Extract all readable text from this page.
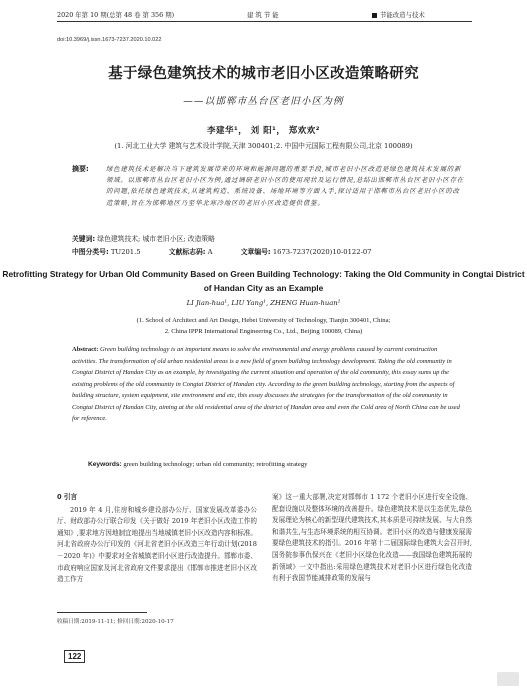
2020 年第 10 期(总第 48 卷 第 356 期)	建 筑 节 能	节能改造与技术
doi:10.3969/j.issn.1673-7237.2020.10.022
基于绿色建筑技术的城市老旧小区改造策略研究
——以邯郸市丛台区老旧小区为例
李建华¹， 刘 阳¹， 郑欢欢²
(1. 河北工业大学 建筑与艺术设计学院,天津 300401;2. 中国中元国际工程有限公司,北京 100089)
摘要:	绿色建筑技术是解决当下建筑发展带来的环境和能源问题的重要手段,城市老旧小区改造是绿色建筑技术发展的新领域。以邯郸市丛台区老旧小区为例,通过调研老旧小区的使用现状及运行情况,总结出邯郸市丛台区老旧小区存在的问题,依托绿色建筑技术,从建筑构造、系统设备、场地环境等方面入手,探讨适用于邯郸市丛台区老旧小区的改造策略,旨在为邯郸地区乃至华北寒冷地区的老旧小区改造提供借鉴。
关键词: 绿色建筑技术; 城市老旧小区; 改造策略
中图分类号: TU201.5	文献标志码: A	文章编号: 1673-7237(2020)10-0122-07
Retrofitting Strategy for Urban Old Community Based on Green Building Technology: Taking the Old Community in Congtai District of Handan City as an Example
LI Jian-hua¹, LIU Yang¹, ZHENG Huan-huan²
(1. School of Architect and Art Design, Hebei University of Technology, Tianjin 300401, China;
2. China IPPR International Engineering Co., Ltd., Beijing 100089, China)
Abstract: Green building technology is an important means to solve the environmental and energy problems caused by current construction activities. The transformation of old urban residential areas is a new field of green building technology development. Taking the old community in Congtai District of Handan City as an example, by investigating the current situation and operation of the old community, this essay sums up the existing problems of the old community in Congtai District of Handan city. According to the green building technology, starting from the aspects of building structure, system equipment, site environment and etc, this essay discusses the strategies for the transformation of the old community in Congtai District of Handan City, aiming at the old residential area of the district of Handan area and even the Cold area of North China can be used for reference.
Keywords: green building technology; urban old community; retrofitting strategy
0 引言
2019 年 4 月,住房和城乡建设部办公厅、国家发展改革委办公厅、财政部办公厅联合印发《关于做好 2019 年老旧小区改造工作的通知》,要求地方因地制宜地提出当地城镇老旧小区改造内容和标准。河北省政府办公厅印发的《河北省老旧小区改造三年行动计划(2018－2020 年)》中要求对全省城镇老旧小区进行改造提升。邯郸市委、市政府响应国家及河北省政府文件要求提出《邯郸市推进老旧小区改造工作方
案》这一重大部署,决定对邯郸市 1 172 个老旧小区进行安全设施、配套设施以及整体环境的改善提升。绿色建筑技术是以生态优先,绿色发展理论为核心的新型现代建筑技术,其本质是可持续发展、与大自然和谐共生,与生态环境系统的相互协调。老旧小区的改造与健康发展需要绿色建筑技术的指引。2016 年第十二届国际绿色建筑大会召开时,国务院参事仇保兴在《老旧小区绿色化改造——我国绿色建筑拓展的新领域》一文中指出:采用绿色建筑技术对老旧小区进行绿色化改造有利于我国节能减排政策的发展与
收稿日期:2019-11-11; 修回日期:2020-10-17
122
